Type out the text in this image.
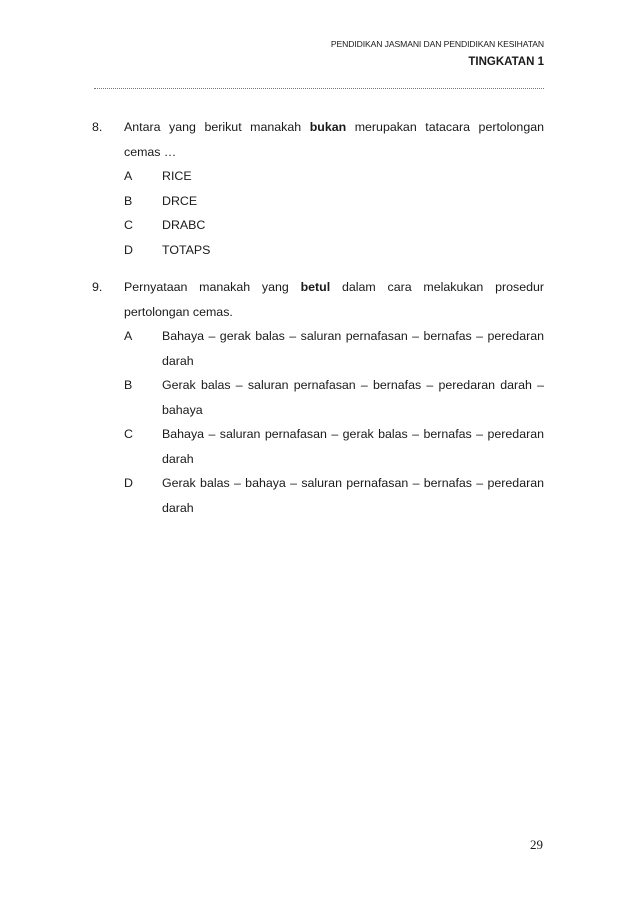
PENDIDIKAN JASMANI DAN PENDIDIKAN KESIHATAN
TINGKATAN 1
8. Antara yang berikut manakah bukan merupakan tatacara pertolongan cemas …
A RICE
B DRCE
C DRABC
D TOTAPS
9. Pernyataan manakah yang betul dalam cara melakukan prosedur pertolongan cemas.
A Bahaya – gerak balas – saluran pernafasan – bernafas – peredaran darah
B Gerak balas – saluran pernafasan – bernafas – peredaran darah – bahaya
C Bahaya – saluran pernafasan – gerak balas – bernafas – peredaran darah
D Gerak balas – bahaya – saluran pernafasan – bernafas – peredaran darah
29
